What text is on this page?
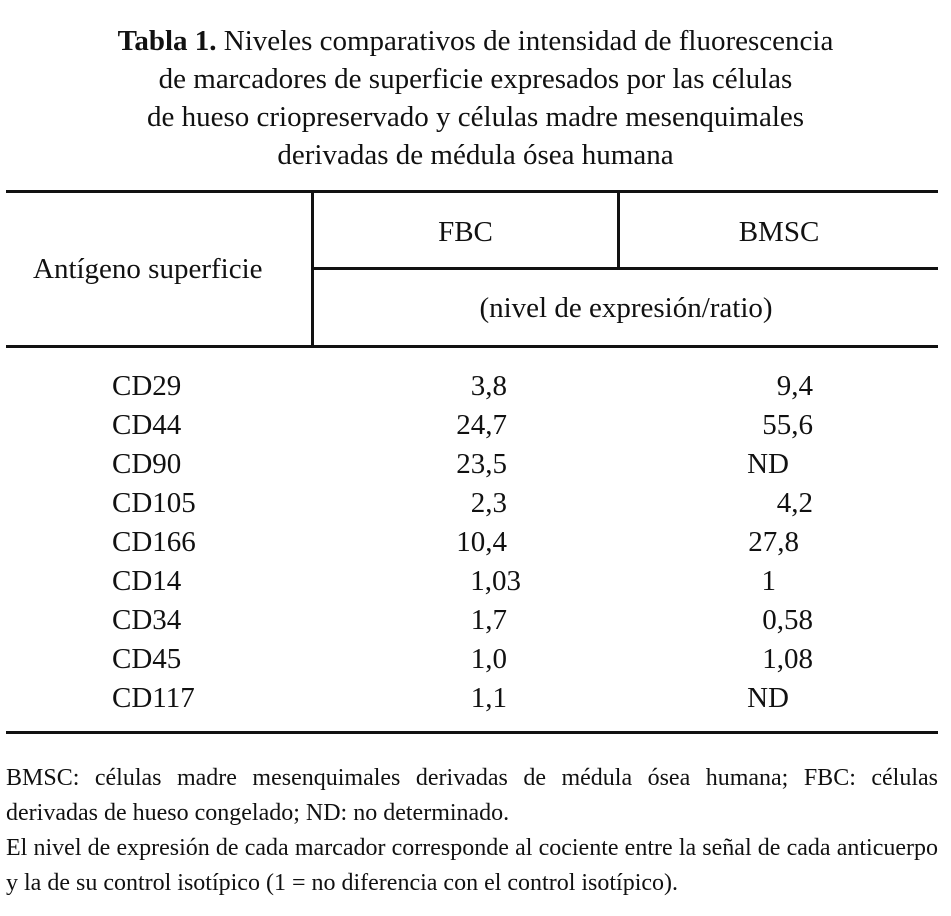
Tabla 1. Niveles comparativos de intensidad de fluorescencia
de marcadores de superficie expresados por las células
de hueso criopreservado y células madre mesenquimales
derivadas de médula ósea humana
Antígeno superficie
FBC	BMSC
(nivel de expresión/ratio)
CD29	3,8	9,4
CD44	24,7	55,6
CD90	23,5	ND
CD105	2,3	4,2
CD166	10,4	27,8
CD14	1,03	1
CD34	1,7	0,58
CD45	1,0	1,08
CD117	1,1	ND

BMSC: células madre mesenquimales derivadas de médula ósea humana; FBC: células derivadas de hueso congelado; ND: no determinado.

El nivel de expresión de cada marcador corresponde al cociente entre la señal de cada anticuerpo y la de su control isotípico (1 = no diferencia con el control isotípico).
